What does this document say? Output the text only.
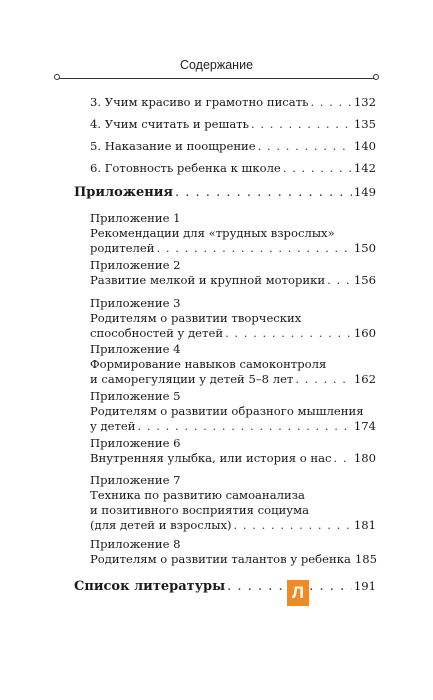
Содержание
3. Учим красиво и грамотно писать . . .	132
4. Учим считать и решать . . .	135
5. Наказание и поощрение . . .	140
6. Готовность ребенка к школе . . .	142
Приложения . . .	149
Приложение 1
Рекомендации для «трудных взрослых»
родителей . . .	150
Приложение 2
Развитие мелкой и крупной моторики . . . 156
Приложение 3
Родителям о развитии творческих
способностей у детей . . .	160
Приложение 4
Формирование навыков самоконтроля
и саморегуляции у детей 5–8 лет . . .	162
Приложение 5
Родителям о развитии образного мышления
у детей . . .	174
Приложение 6
Внутренняя улыбка, или история о нас . . . 180
Приложение 7
Техника по развитию самоанализа
и позитивного восприятия социума
(для детей и взрослых) . . .	181
Приложение 8
Родителям о развитии талантов у ребенка 185
Список литературы . . .	191
Л
